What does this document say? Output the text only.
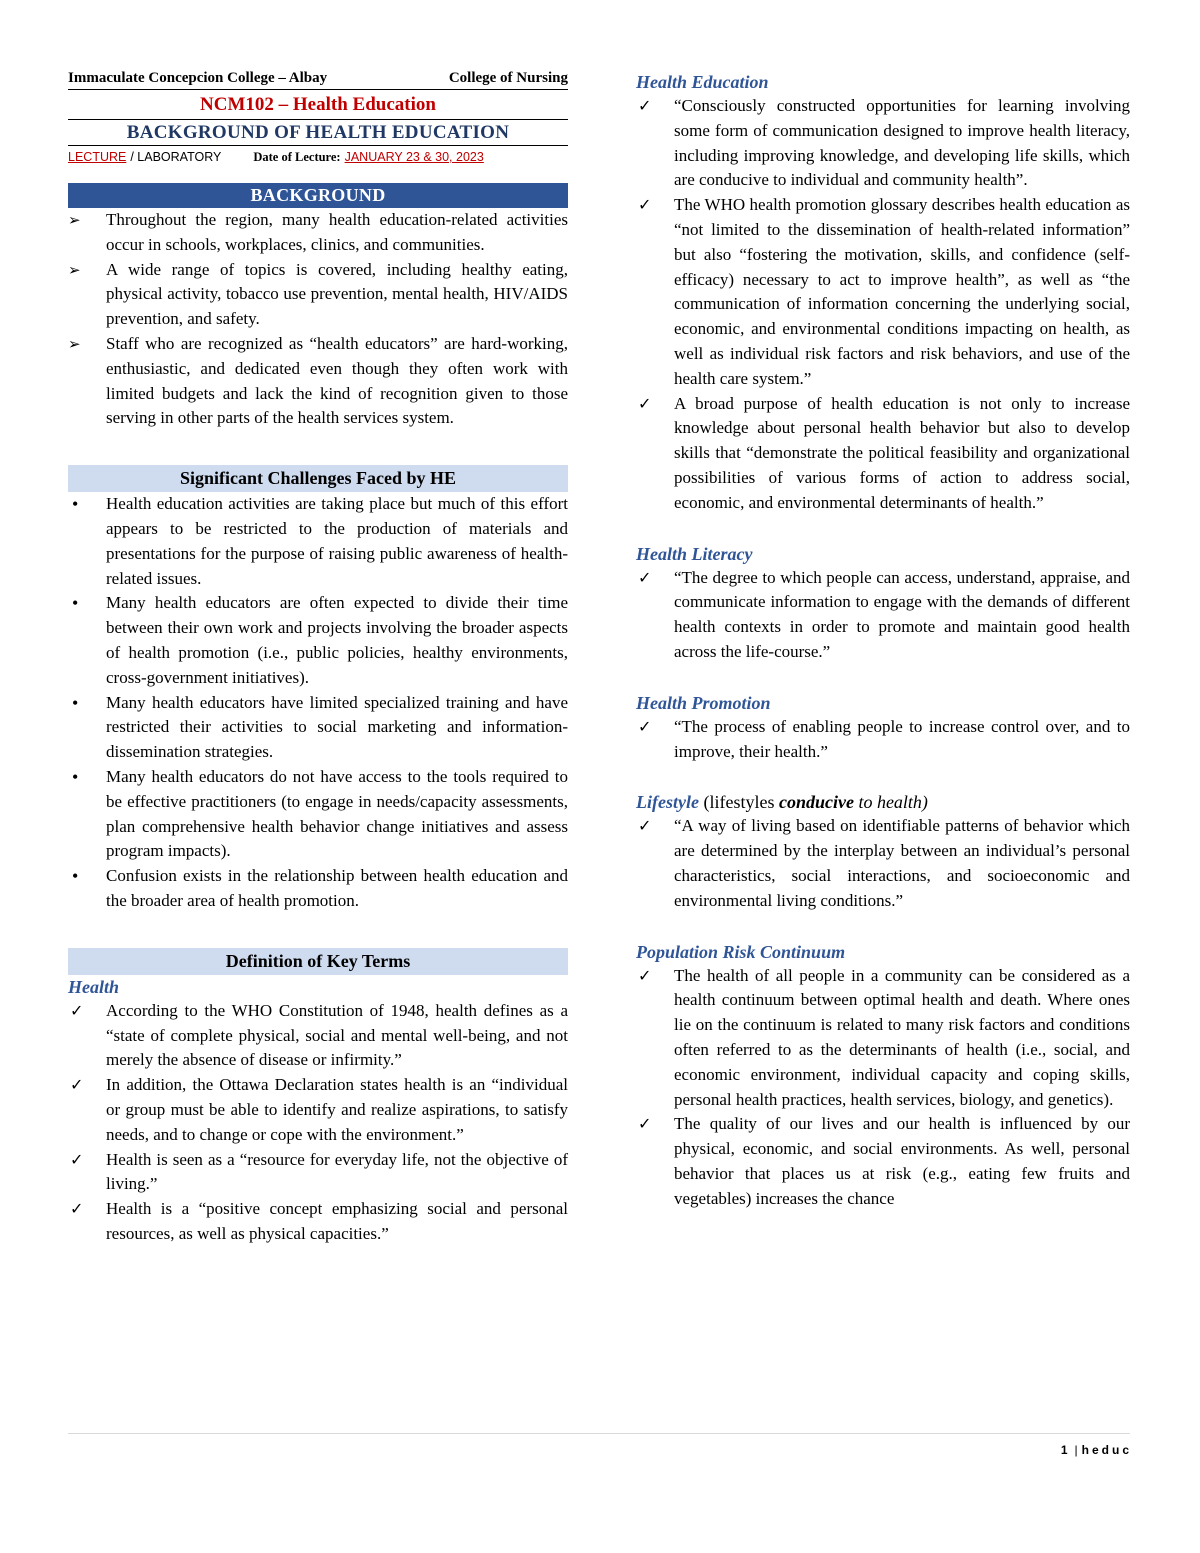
Immaculate Concepcion College – Albay	College of Nursing
NCM102 – Health Education
BACKGROUND OF HEALTH EDUCATION
LECTURE / LABORATORY	Date of Lecture: JANUARY 23 & 30, 2023
BACKGROUND
➢
Throughout the region, many health education-related activities occur in schools, workplaces, clinics, and communities.
➢
A wide range of topics is covered, including healthy eating, physical activity, tobacco use prevention, mental health, HIV/AIDS prevention, and safety.
➢
Staff who are recognized as “health educators” are hard-working, enthusiastic, and dedicated even though they often work with limited budgets and lack the kind of recognition given to those serving in other parts of the health services system.
Significant Challenges Faced by HE
•
Health education activities are taking place but much of this effort appears to be restricted to the production of materials and presentations for the purpose of raising public awareness of health-related issues.
•
Many health educators are often expected to divide their time between their own work and projects involving the broader aspects of health promotion (i.e., public policies, healthy environments, cross-government initiatives).
•
Many health educators have limited specialized training and have restricted their activities to social marketing and information-dissemination strategies.
•
Many health educators do not have access to the tools required to be effective practitioners (to engage in needs/capacity assessments, plan comprehensive health behavior change initiatives and assess program impacts).
•
Confusion exists in the relationship between health education and the broader area of health promotion.
Definition of Key Terms
Health
✓
According to the WHO Constitution of 1948, health defines as a “state of complete physical, social and mental well-being, and not merely the absence of disease or infirmity.”
✓
In addition, the Ottawa Declaration states health is an “individual or group must be able to identify and realize aspirations, to satisfy needs, and to change or cope with the environment.”
✓
Health is seen as a “resource for everyday life, not the objective of living.”
✓
Health is a “positive concept emphasizing social and personal resources, as well as physical capacities.”
Health Education
✓
“Consciously constructed opportunities for learning involving some form of communication designed to improve health literacy, including improving knowledge, and developing life skills, which are conducive to individual and community health”.
✓
The WHO health promotion glossary describes health education as “not limited to the dissemination of health-related information” but also “fostering the motivation, skills, and confidence (self-efficacy) necessary to act to improve health”, as well as “the communication of information concerning the underlying social, economic, and environmental conditions impacting on health, as well as individual risk factors and risk behaviors, and use of the health care system.”
✓
A broad purpose of health education is not only to increase knowledge about personal health behavior but also to develop skills that “demonstrate the political feasibility and organizational possibilities of various forms of action to address social, economic, and environmental determinants of health.”
Health Literacy
✓
“The degree to which people can access, understand, appraise, and communicate information to engage with the demands of different health contexts in order to promote and maintain good health across the life-course.”
Health Promotion
✓
“The process of enabling people to increase control over, and to improve, their health.”
Lifestyle (lifestyles conducive to health)
✓
“A way of living based on identifiable patterns of behavior which are determined by the interplay between an individual’s personal characteristics, social interactions, and socioeconomic and environmental living conditions.”
Population Risk Continuum
✓
The health of all people in a community can be considered as a health continuum between optimal health and death. Where ones lie on the continuum is related to many risk factors and conditions often referred to as the determinants of health (i.e., social, and economic environment, individual capacity and coping skills, personal health practices, health services, biology, and genetics).
✓
The quality of our lives and our health is influenced by our physical, economic, and social environments. As well, personal behavior that places us at risk (e.g., eating few fruits and vegetables) increases the chance
1 | heduc
